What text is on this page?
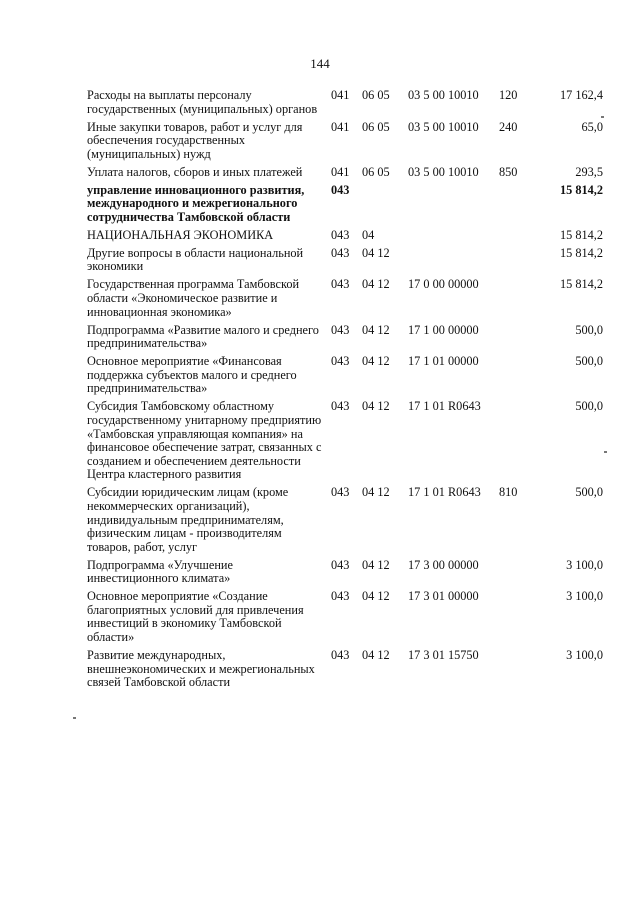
144
Расходы на выплаты персоналу государственных (муниципальных) органов	041	06 05	03 5 00 10010	120	17 162,4
Иные закупки товаров, работ и услуг для обеспечения государственных (муниципальных) нужд	041	06 05	03 5 00 10010	240	65,0
Уплата налогов, сборов и иных платежей	041	06 05	03 5 00 10010	850	293,5
управление инновационного развития, международного и межрегионального сотрудничества Тамбовской области	043				15 814,2
НАЦИОНАЛЬНАЯ ЭКОНОМИКА	043	04			15 814,2
Другие вопросы в области национальной экономики	043	04 12			15 814,2
Государственная программа Тамбовской области «Экономическое развитие и инновационная экономика»	043	04 12	17 0 00 00000		15 814,2
Подпрограмма «Развитие малого и среднего предпринимательства»	043	04 12	17 1 00 00000		500,0
Основное мероприятие «Финансовая поддержка субъектов малого и среднего предпринимательства»	043	04 12	17 1 01 00000		500,0
Субсидия Тамбовскому областному государственному унитарному предприятию «Тамбовская управляющая компания» на финансовое обеспечение затрат, связанных с созданием и обеспечением деятельности Центра кластерного развития	043	04 12	17 1 01 R0643		500,0
Субсидии юридическим лицам (кроме некоммерческих организаций), индивидуальным предпринимателям, физическим лицам - производителям товаров, работ, услуг	043	04 12	17 1 01 R0643	810	500,0
Подпрограмма «Улучшение инвестиционного климата»	043	04 12	17 3 00 00000		3 100,0
Основное мероприятие «Создание благоприятных условий для привлечения инвестиций в экономику Тамбовской области»	043	04 12	17 3 01 00000		3 100,0
Развитие международных, внешнеэкономических и межрегиональных связей Тамбовской области	043	04 12	17 3 01 15750		3 100,0
